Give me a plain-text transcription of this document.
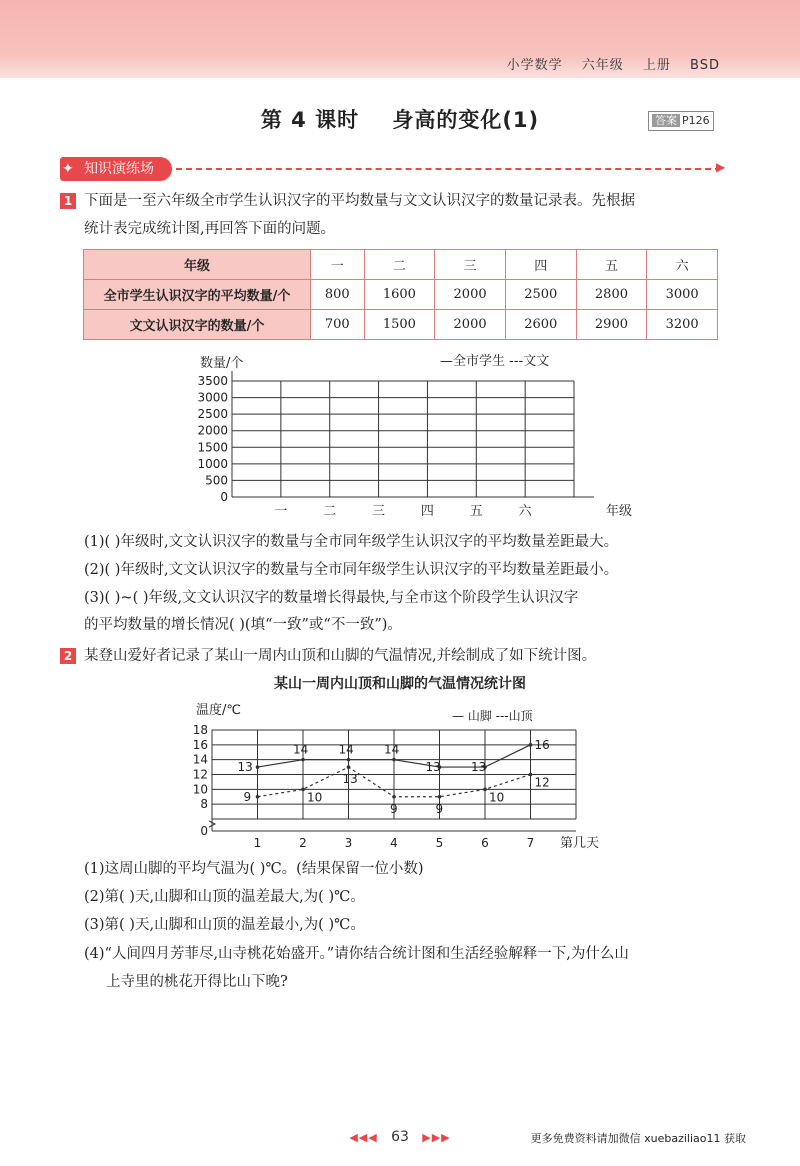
小学数学 六年级 上册 BSD
第 4 课时    身高的变化(1)	答案 P126
知识演练场
✦	▶
1 下面是一至六年级全市学生认识汉字的平均数量与文文认识汉字的数量记录表。先根据
统计表完成统计图,再回答下面的问题。
年级	一	二	三	四	五	六
全市学生认识汉字的平均数量/个	800	1600	2000	2500	2800	3000
文文认识汉字的数量/个	700	1500	2000	2600	2900	3200
0
500
1000
1500
2000
2500
3000
3500
一	二	三	四	五	六	年级
数量/个	—全市学生 ---文文
(1)( )年级时,文文认识汉字的数量与全市同年级学生认识汉字的平均数量差距最大。
(2)( )年级时,文文认识汉字的数量与全市同年级学生认识汉字的平均数量差距最小。
(3)( )~( )年级,文文认识汉字的数量增长得最快,与全市这个阶段学生认识汉字
的平均数量的增长情况( )(填“一致”或“不一致”)。
2 某登山爱好者记录了某山一周内山顶和山脚的气温情况,并绘制成了如下统计图。
某山一周内山顶和山脚的气温情况统计图
温度/℃	— 山脚 ---山顶
0
8
10
12
14
16
18
1	2	3	4	5	6	7 第几天
13
14	14	14
13	13
16
9	10
13
9	9
10
12
(1)这周山脚的平均气温为( )℃。(结果保留一位小数)
(2)第( )天,山脚和山顶的温差最大,为( )℃。
(3)第( )天,山脚和山顶的温差最小,为( )℃。
(4)“人间四月芳菲尽,山寺桃花始盛开。”请你结合统计图和生活经验解释一下,为什么山
上寺里的桃花开得比山下晚?
◀◀◀ 63 ▶▶▶	更多免费资料请加微信 xuebaziliao11 获取
